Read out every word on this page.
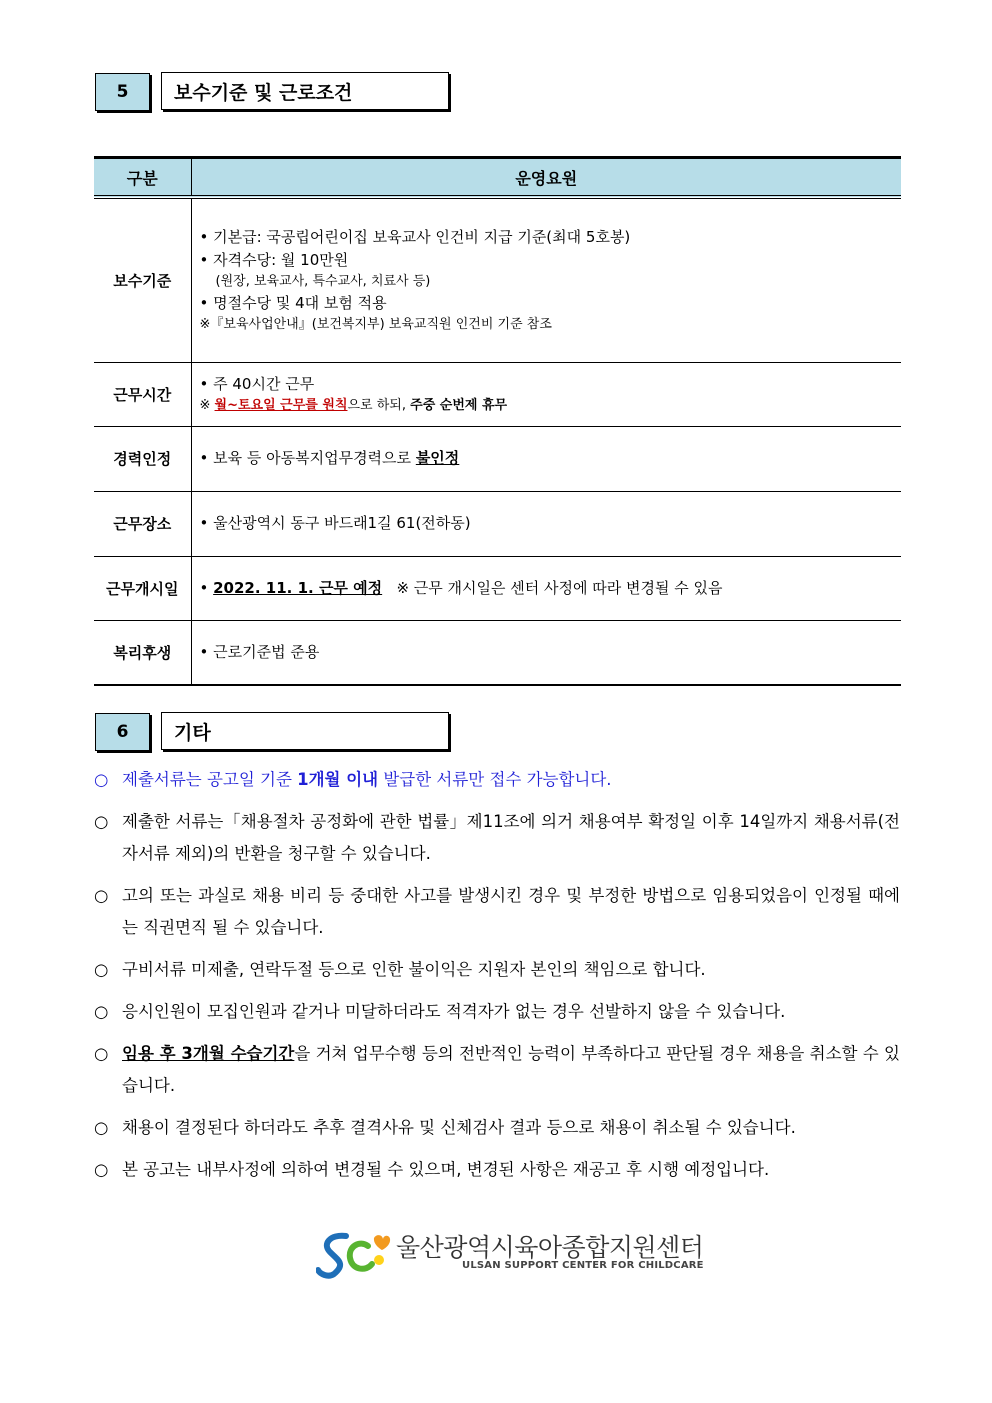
5	보수기준 및 근로조건
구분	운영요원
보수기준	• 기본급: 국공립어린이집 보육교사 인건비 지급 기준(최대 5호봉)
• 자격수당: 월 10만원
(원장, 보육교사, 특수교사, 치료사 등)
• 명절수당 및 4대 보험 적용
※『보육사업안내』(보건복지부) 보육교직원 인건비 기준 참조

근무시간	• 주 40시간 근무
※ 월~토요일 근무를 원칙으로 하되, 주중 순번제 휴무

경력인정	• 보육 등 아동복지업무경력으로 불인정
근무장소	• 울산광역시 동구 바드래1길 61(전하동)
근무개시일	• 2022. 11. 1. 근무 예정 ※ 근무 개시일은 센터 사정에 따라 변경될 수 있음
복리후생	• 근로기준법 준용
6	기타
○ 제출서류는 공고일 기준 1개월 이내 발급한 서류만 접수 가능합니다.
○ 제출한 서류는「채용절차 공정화에 관한 법률」제11조에 의거 채용여부 확정일 이후 14일까지 채용서류(전자서류 제외)의 반환을 청구할 수 있습니다.
○ 고의 또는 과실로 채용 비리 등 중대한 사고를 발생시킨 경우 및 부정한 방법으로 임용되었음이 인정될 때에는 직권면직 될 수 있습니다.
○ 구비서류 미제출, 연락두절 등으로 인한 불이익은 지원자 본인의 책임으로 합니다.
○ 응시인원이 모집인원과 같거나 미달하더라도 적격자가 없는 경우 선발하지 않을 수 있습니다.
○ 임용 후 3개월 수습기간을 거쳐 업무수행 등의 전반적인 능력이 부족하다고 판단될 경우 채용을 취소할 수 있습니다.
○ 채용이 결정된다 하더라도 추후 결격사유 및 신체검사 결과 등으로 채용이 취소될 수 있습니다.
○ 본 공고는 내부사정에 의하여 변경될 수 있으며, 변경된 사항은 재공고 후 시행 예정입니다.
울산광역시육아종합지원센터
ULSAN SUPPORT CENTER FOR CHILDCARE
